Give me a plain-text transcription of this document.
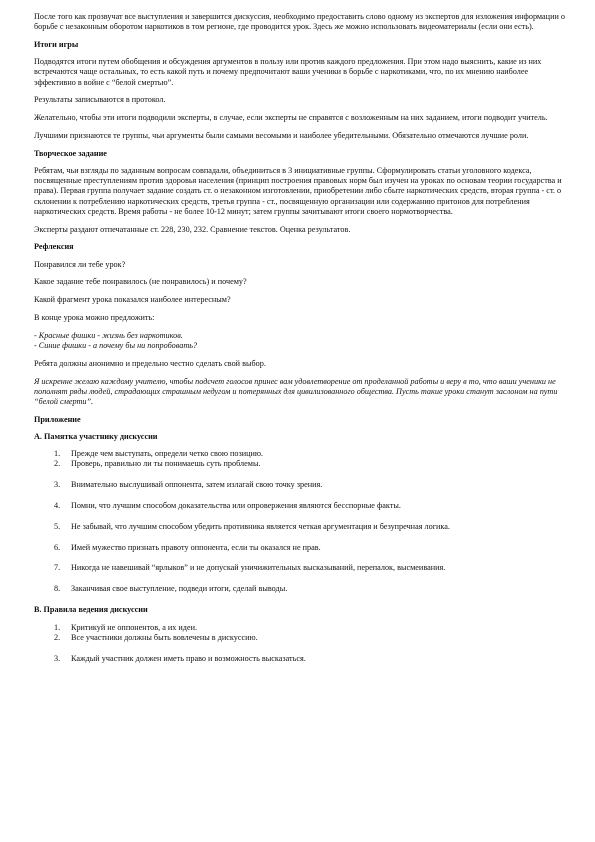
После того как прозвучат все выступления и завершится дискуссия, необходимо предоставить слово одному из экспертов для изложения информации о борьбе с незаконным оборотом наркотиков в том регионе, где проводится урок. Здесь же можно использовать видеоматериалы (если они есть).

Итоги игры

Подводятся итоги путем обобщения и обсуждения аргументов в пользу или против каждого предложения. При этом надо выяснить, какие из них встречаются чаще остальных, то есть какой путь и почему предпочитают ваши ученики в борьбе с наркотиками, что, по их мнению наиболее эффективно в войне с “белой смертью”.

Результаты записываются в протокол.

Желательно, чтобы эти итоги подводили эксперты, в случае, если эксперты не справятся с возложенным на них заданием, итоги подводит учитель.

Лучшими признаются те группы, чьи аргументы были самыми весомыми и наиболее убедительными. Обязательно отмечаются лучшие роли.

Творческое задание

Ребятам, чьи взгляды по заданным вопросам совпадали, объединиться в 3 инициативные группы. Сформулировать статьи уголовного кодекса, посвященные преступлениям против здоровья населения (принцип построения правовых норм был изучен на уроках по основам теории государства и права). Первая группа получает задание создать ст. о незаконном изготовлении, приобретении либо сбыте наркотических средств, вторая группа - ст. о склонении к потреблению наркотических средств, третья группа - ст., посвященную организации или содержанию притонов для потребления наркотических средств. Время работы - не более 10-12 минут; затем группы зачитывают итоги своего нормотворчества.

Эксперты раздают отпечатанные ст. 228, 230, 232. Сравнение текстов. Оценка результатов.

Рефлексия

Понравился ли тебе урок?

Какое задание тебе понравилось (не понравилось) и почему?

Какой фрагмент урока показался наиболее интересным?

В конце урока можно предложить:

- Красные фишки - жизнь без наркотиков.

- Синие фишки - а почему бы ни попробовать?

Ребята должны анонимно и предельно честно сделать свой выбор.

Я искренне желаю каждому учителю, чтобы подсчет голосов принес вам удовлетворение от проделанной работы и веру в то, что ваши ученики не пополнят ряды людей, страдающих страшным недугом и потерянных для цивилизованного общества. Пусть такие уроки станут заслоном на пути “белой смерти”.

Приложение

А. Памятка участнику дискуссии

1. Прежде чем выступать, определи четко свою позицию.
2. Проверь, правильно ли ты понимаешь суть проблемы.
3. Внимательно выслушивай оппонента, затем излагай свою точку зрения.
4. Помни, что лучшим способом доказательства или опровержения являются бесспорные факты.
5. Не забывай, что лучшим способом убедить противника является четкая аргументация и безупречная логика.
6. Имей мужество признать правоту оппонента, если ты оказался не прав.
7. Никогда не навешивай “ярлыков” и не допускай уничижительных высказываний, перепалок, высмеивания.
8. Заканчивая свое выступление, подведи итоги, сделай выводы.

В. Правила ведения дискуссии

1. Критикуй не оппонентов, а их идеи.
2. Все участники должны быть вовлечены в дискуссию.
3. Каждый участник должен иметь право и возможность высказаться.
